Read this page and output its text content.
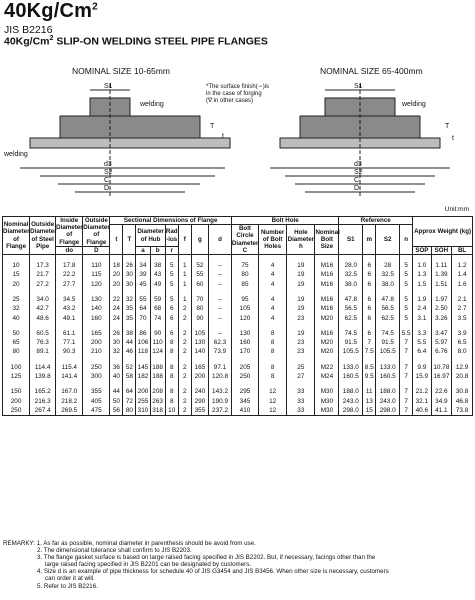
40Kg/Cm$^2$
JIS B2216
40Kg/Cm$^2$ SLIP-ON WELDING STEEL PIPE FLANGES
NOMINAL SIZE 10-65mm	NOMINAL SIZE 65-400mm
*The surface finish(∽)is
in the case of forging
(∇:in other cases)
S1
welding
welding
d3
S2
C
D
T
t
S1
welding
d3
S2
C
D
T
t
Unit:mm
Nominal Diameter of Flange	Outside Diameter of Steel Pipe	Inside Diameter of Flange	Outside Diameter of Flange	Sectional Dimensions of Flange								Bolt Hole				Reference				Approx Weight (kg)		
				t	T	Diameter of Hub		Rad -ius	f	g	d	Bolt Circle Diameter
C	Number of Bolt Holes	Hole Diameter
h	Nominal Bolt Size	S1	m	S2	n			
		do	D			a	b	r												SOP	SOH	BL

10	17.3	17.8	110	18	26	34	38	5	1	52	–	75	4	19	M16	28.0	6	28	5	1.0	1.11	1.2
15	21.7	22.2	115	20	30	39	43	5	1	55	–	80	4	19	M16	32.5	6	32.5	5	1.3	1.39	1.4
20	27.2	27.7	120	20	30	45	49	5	1	60	–	85	4	19	M16	38.0	6	38.0	5	1.5	1.51	1.6

25	34.0	34.5	130	22	32	55	59	5	1	70	–	95	4	19	M16	47.8	6	47.8	5	1.9	1.97	2.1
32	42.7	43.2	140	24	35	64	68	6	2	80	–	105	4	19	M16	56.5	6	56.5	5	2.4	2.50	2.7
40	48.6	49.1	160	24	35	70	74	6	2	90	–	120	4	23	M20	62.5	6	62.5	5	3.1	3.26	3.5

50	60.5	61.1	165	26	38	86	90	6	2	105	–	130	8	19	M16	74.5	6	74.5	5.5	3.3	3.47	3.9
65	76.3	77.1	200	30	44	106	110	8	2	130	62.3	160	8	23	M20	91.5	7	91.5	7	5.5	5.97	6.5
80	89.1	90.3	210	32	46	118	124	8	2	140	73.9	170	8	23	M20	105.5	7.5	105.5	7	6.4	6.76	8.0

100	114.4	115.4	250	36	52	145	188	8	2	165	97.1	205	8	25	M22	133.0	8.5	133.0	7	9.9	10.78	12.9
125	139.8	141.4	300	40	58	182	188	8	2	200	120.8	250	8	27	M24	160.5	9.5	160.5	7	15.9	16.97	20.8

150	165.2	167.0	355	44	64	200	208	8	2	240	143.2	295	12	33	M30	188.0	11	188.0	7	21.2	22.6	30.8
200	216.3	218.2	405	50	72	255	263	8	2	290	190.9	345	12	33	M30	243.0	13	243.0	7	32.1	34.9	46.8
250	267.4	269.5	475	56	80	310	318	10	2	355	237.2	410	12	33	M30	298.0	15	298.0	7	40.6	41.1	73.8
REMARKY: 1. As far as possible, nominal diameter in parenthesis should be avoid from use.
2. The dimensional tolerance shall confirm to JIS B2203.
3. The flange gasket surface is based on large raised facing specified in JIS B2202. But, if necessary, facings other than the
large raised facing specified in JIS B2201 can be designated by customers.
4. Size d is an example of pipe thickness for schedule 40 of JIS G3454 and JIS B3456. When other size is necessary, customers
can order it at will.
5. Refer to JIS B2216.
